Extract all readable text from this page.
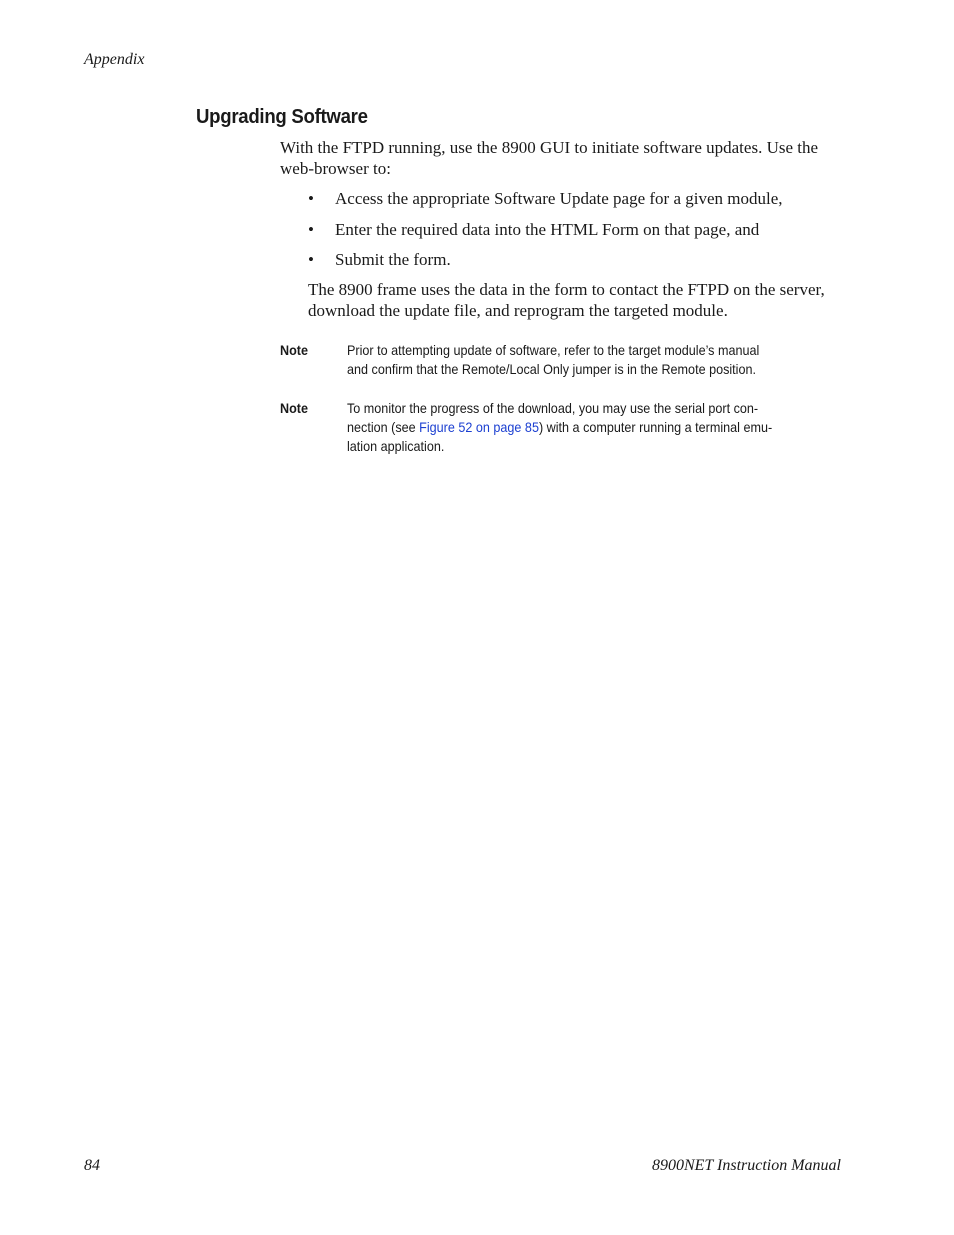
Appendix
Upgrading Software

With the FTPD running, use the 8900 GUI to initiate software updates. Use the web-browser to:

• Access the appropriate Software Update page for a given module,
• Enter the required data into the HTML Form on that page, and
• Submit the form.

The 8900 frame uses the data in the form to contact the FTPD on the server, download the update file, and reprogram the targeted module.

Note	Prior to attempting update of software, refer to the target module’s manual
and confirm that the Remote/Local Only jumper is in the Remote position.
Note	To monitor the progress of the download, you may use the serial port con-
nection (see Figure 52 on page 85) with a computer running a terminal emu-
lation application.
84	8900NET Instruction Manual
